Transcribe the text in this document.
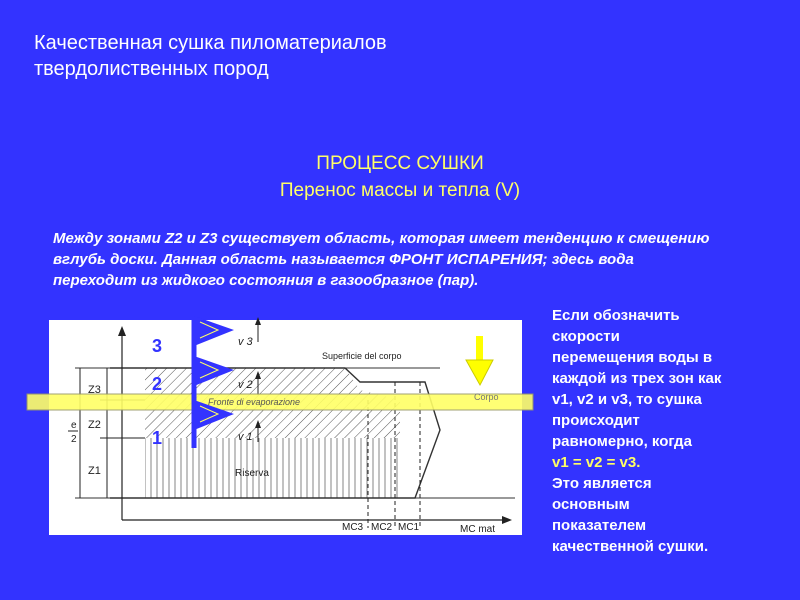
Качественная сушка пиломатериалов
твердолиственных пород
ПРОЦЕСС СУШКИ
Перенос массы и тепла (V)
Между зонами Z2 и Z3 существует область, которая имеет тенденцию к смещению
вглубь доски. Данная область называется ФРОНТ ИСПАРЕНИЯ; здесь вода
переходит из жидкого состояния в газообразное (пар).
Если обозначить
скорости
перемещения воды в
каждой из трех зон как
v1, v2 и v3, то сушка
происходит
равномерно, когда
v1 = v2 = v3.
Это является
основным
показателем
качественной сушки.
3
2
1
Z3
Z2
Z1
e
2
v 3
v 2
v 1
Superficie del corpo
Fronte di evaporazione
Riserva
Corpo
MC3 MC2 MC1	MC mat
